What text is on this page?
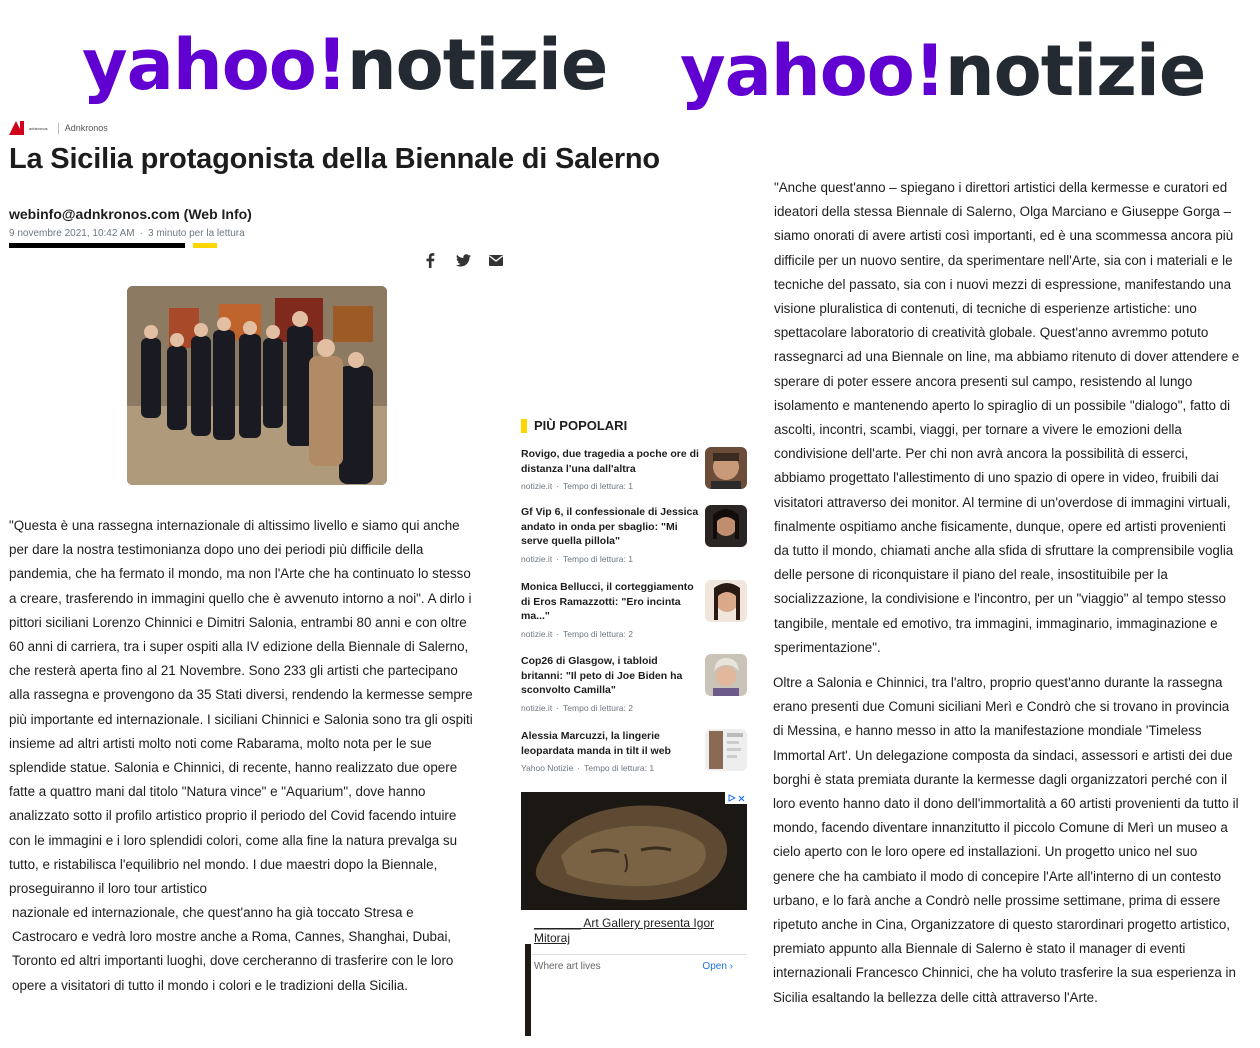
yahoo!notizie yahoo!notizie
adnkronos Adnkronos
La Sicilia protagonista della Biennale di Salerno
webinfo@adnkronos.com (Web Info)
9 novembre 2021, 10:42 AM · 3 minuto per la lettura
"Questa è una rassegna internazionale di altissimo livello e siamo qui anche per dare la nostra testimonianza dopo uno dei periodi più difficile della pandemia, che ha fermato il mondo, ma non l'Arte che ha continuato lo stesso a creare, trasferendo in immagini quello che è avvenuto intorno a noi". A dirlo i pittori siciliani Lorenzo Chinnici e Dimitri Salonia, entrambi 80 anni e con oltre 60 anni di carriera, tra i super ospiti alla IV edizione della Biennale di Salerno, che resterà aperta fino al 21 Novembre. Sono 233 gli artisti che partecipano alla rassegna e provengono da 35 Stati diversi, rendendo la kermesse sempre più importante ed internazionale. I siciliani Chinnici e Salonia sono tra gli ospiti insieme ad altri artisti molto noti come Rabarama, molto nota per le sue splendide statue. Salonia e Chinnici, di recente, hanno realizzato due opere fatte a quattro mani dal titolo "Natura vince" e "Aquarium", dove hanno analizzato sotto il profilo artistico proprio il periodo del Covid facendo intuire con le immagini e i loro splendidi colori, come alla fine la natura prevalga su tutto, e ristabilisca l'equilibrio nel mondo. I due maestri dopo la Biennale, proseguiranno il loro tour artistico
nazionale ed internazionale, che quest'anno ha già toccato Stresa e Castrocaro e vedrà loro mostre anche a Roma, Cannes, Shanghai, Dubai, Toronto ed altri importanti luoghi, dove cercheranno di trasferire con le loro opere a visitatori di tutto il mondo i colori e le tradizioni della Sicilia.
"Anche quest'anno – spiegano i direttori artistici della kermesse e curatori ed ideatori della stessa Biennale di Salerno, Olga Marciano e Giuseppe Gorga – siamo onorati di avere artisti così importanti, ed è una scommessa ancora più difficile per un nuovo sentire, da sperimentare nell'Arte, sia con i materiali e le tecniche del passato, sia con i nuovi mezzi di espressione, manifestando una visione pluralistica di contenuti, di tecniche di esperienze artistiche: uno spettacolare laboratorio di creatività globale. Quest'anno avremmo potuto rassegnarci ad una Biennale on line, ma abbiamo ritenuto di dover attendere e sperare di poter essere ancora presenti sul campo, resistendo al lungo isolamento e mantenendo aperto lo spiraglio di un possibile "dialogo", fatto di ascolti, incontri, scambi, viaggi, per tornare a vivere le emozioni della condivisione dell'arte. Per chi non avrà ancora la possibilità di esserci, abbiamo progettato l'allestimento di uno spazio di opere in video, fruibili dai visitatori attraverso dei monitor. Al termine di un'overdose di immagini virtuali, finalmente ospitiamo anche fisicamente, dunque, opere ed artisti provenienti da tutto il mondo, chiamati anche alla sfida di sfruttare la comprensibile voglia delle persone di riconquistare il piano del reale, insostituibile per la socializzazione, la condivisione e l'incontro, per un "viaggio" al tempo stesso tangibile, mentale ed emotivo, tra immagini, immaginario, immaginazione e sperimentazione".
Oltre a Salonia e Chinnici, tra l'altro, proprio quest'anno durante la rassegna erano presenti due Comuni siciliani Merì e Condrò che si trovano in provincia di Messina, e hanno messo in atto la manifestazione mondiale 'Timeless Immortal Art'. Un delegazione composta da sindaci, assessori e artisti dei due borghi è stata premiata durante la kermesse dagli organizzatori perché con il loro evento hanno dato il dono dell'immortalità a 60 artisti provenienti da tutto il mondo, facendo diventare innanzitutto il piccolo Comune di Merì un museo a cielo aperto con le loro opere ed installazioni. Un progetto unico nel suo genere che ha cambiato il modo di concepire l'Arte all'interno di un contesto urbano, e lo farà anche a Condrò nelle prossime settimane, prima di essere ripetuto anche in Cina, Organizzatore di questo starordinari progetto artistico, premiato appunto alla Biennale di Salerno è stato il manager di eventi internazionali Francesco Chinnici, che ha voluto trasferire la sua esperienza in Sicilia esaltando la bellezza delle città attraverso l'Arte.
PIÙ POPOLARI
Rovigo, due tragedia a poche ore di distanza l'una dall'altra
notizie.it · Tempo di lettura: 1
Gf Vip 6, il confessionale di Jessica andato in onda per sbaglio: "Mi serve quella pillola"
notizie.it · Tempo di lettura: 1
Monica Bellucci, il corteggiamento di Eros Ramazzotti: "Ero incinta ma..."
notizie.it · Tempo di lettura: 2
Cop26 di Glasgow, i tabloid britanni: "Il peto di Joe Biden ha sconvolto Camilla"
notizie.it · Tempo di lettura: 2
Alessia Marcuzzi, la lingerie leopardata manda in tilt il web
Yahoo Notizie · Tempo di lettura: 1
_______ Art Gallery presenta Igor Mitoraj
Where art lives	Open ›
